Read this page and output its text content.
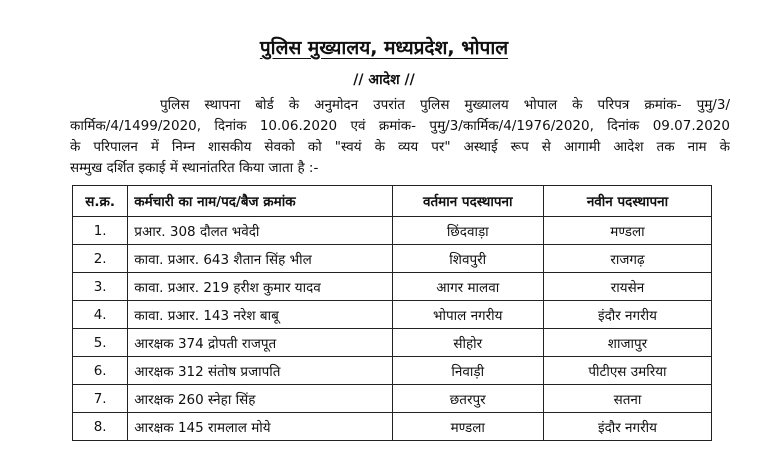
पुलिस मुख्यालय, मध्यप्रदेश, भोपाल
// आदेश //
पुलिस स्थापना बोर्ड के अनुमोदन उपरांत पुलिस मुख्यालय भोपाल के परिपत्र क्रमांक- पुमु/3/
कार्मिक/4/1499/2020, दिनांक 10.06.2020 एवं क्रमांक- पुमु/3/कार्मिक/4/1976/2020, दिनांक 09.07.2020
के परिपालन में निम्न शासकीय सेवको को "स्वयं के व्यय पर" अस्थाई रूप से आगामी आदेश तक नाम के
सम्मुख दर्शित इकाई में स्थानांतरित किया जाता है :-
स.क्र.	कर्मचारी का नाम/पद/बैज क्रमांक	वर्तमान पदस्थापना	नवीन पदस्थापना
1.	प्रआर. 308 दौलत भवेदी	छिंदवाड़ा	मण्डला
2.	कावा. प्रआर. 643 शैतान सिंह भील	शिवपुरी	राजगढ़
3.	कावा. प्रआर. 219 हरीश कुमार यादव	आगर मालवा	रायसेन
4.	कावा. प्रआर. 143 नरेश बाबू	भोपाल नगरीय	इंदौर नगरीय
5.	आरक्षक 374 द्रोपती राजपूत	सीहोर	शाजापुर
6.	आरक्षक 312 संतोष प्रजापति	निवाड़ी	पीटीएस उमरिया
7.	आरक्षक 260 स्नेहा सिंह	छतरपुर	सतना
8.	आरक्षक 145 रामलाल मोये	मण्डला	इंदौर नगरीय
